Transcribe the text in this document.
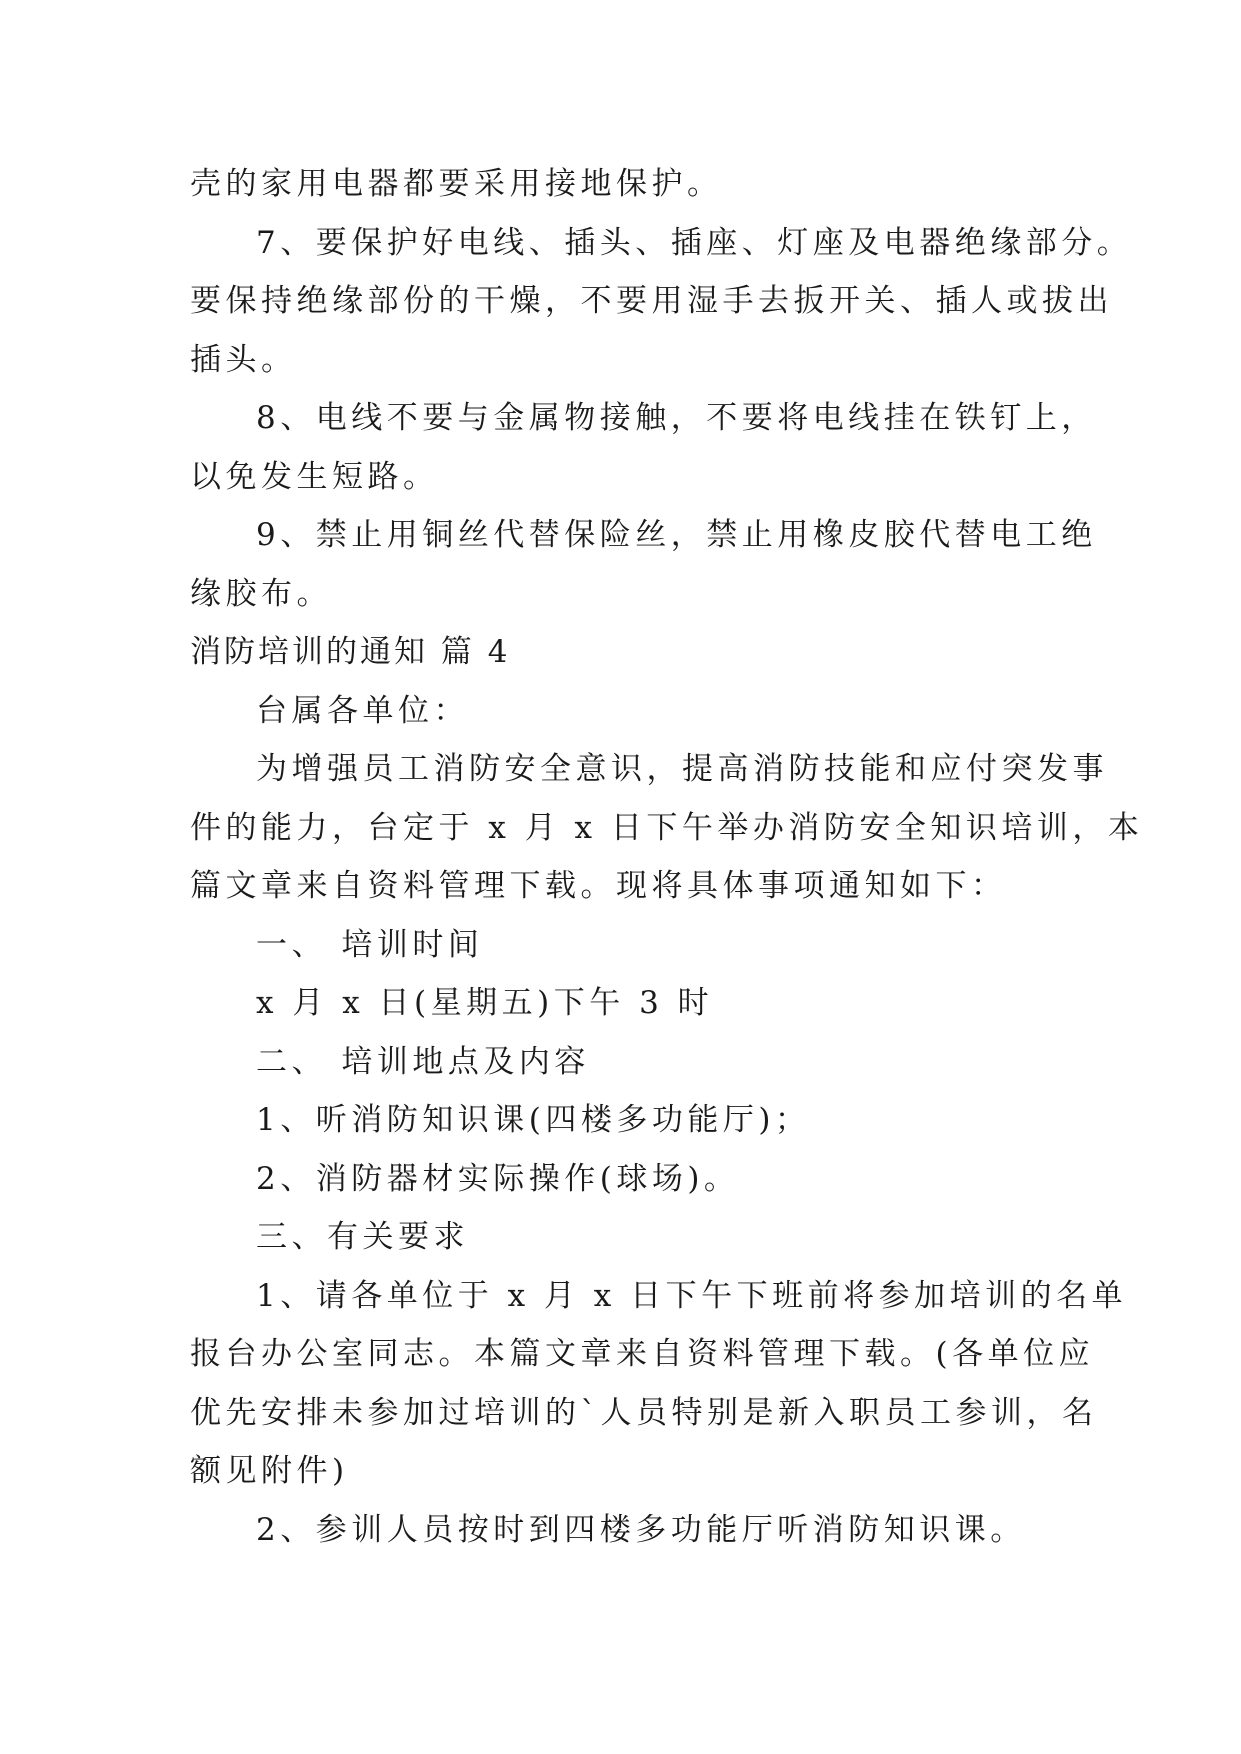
壳的家用电器都要采用接地保护。
7、要保护好电线、插头、插座、灯座及电器绝缘部分。
要保持绝缘部份的干燥，不要用湿手去扳开关、插人或拔出
插头。
8、电线不要与金属物接触，不要将电线挂在铁钉上，
以免发生短路。
9、禁止用铜丝代替保险丝，禁止用橡皮胶代替电工绝
缘胶布。
消防培训的通知 篇 4
台属各单位：
为增强员工消防安全意识，提高消防技能和应付突发事
件的能力，台定于 x 月 x 日下午举办消防安全知识培训，本
篇文章来自资料管理下载。现将具体事项通知如下：
一、 培训时间
x 月 x 日(星期五)下午 3 时
二、 培训地点及内容
1、听消防知识课(四楼多功能厅)；
2、消防器材实际操作(球场)。
三、有关要求
1、请各单位于 x 月 x 日下午下班前将参加培训的名单
报台办公室同志。本篇文章来自资料管理下载。(各单位应
优先安排未参加过培训的`人员特别是新入职员工参训，名
额见附件)
2、参训人员按时到四楼多功能厅听消防知识课。
